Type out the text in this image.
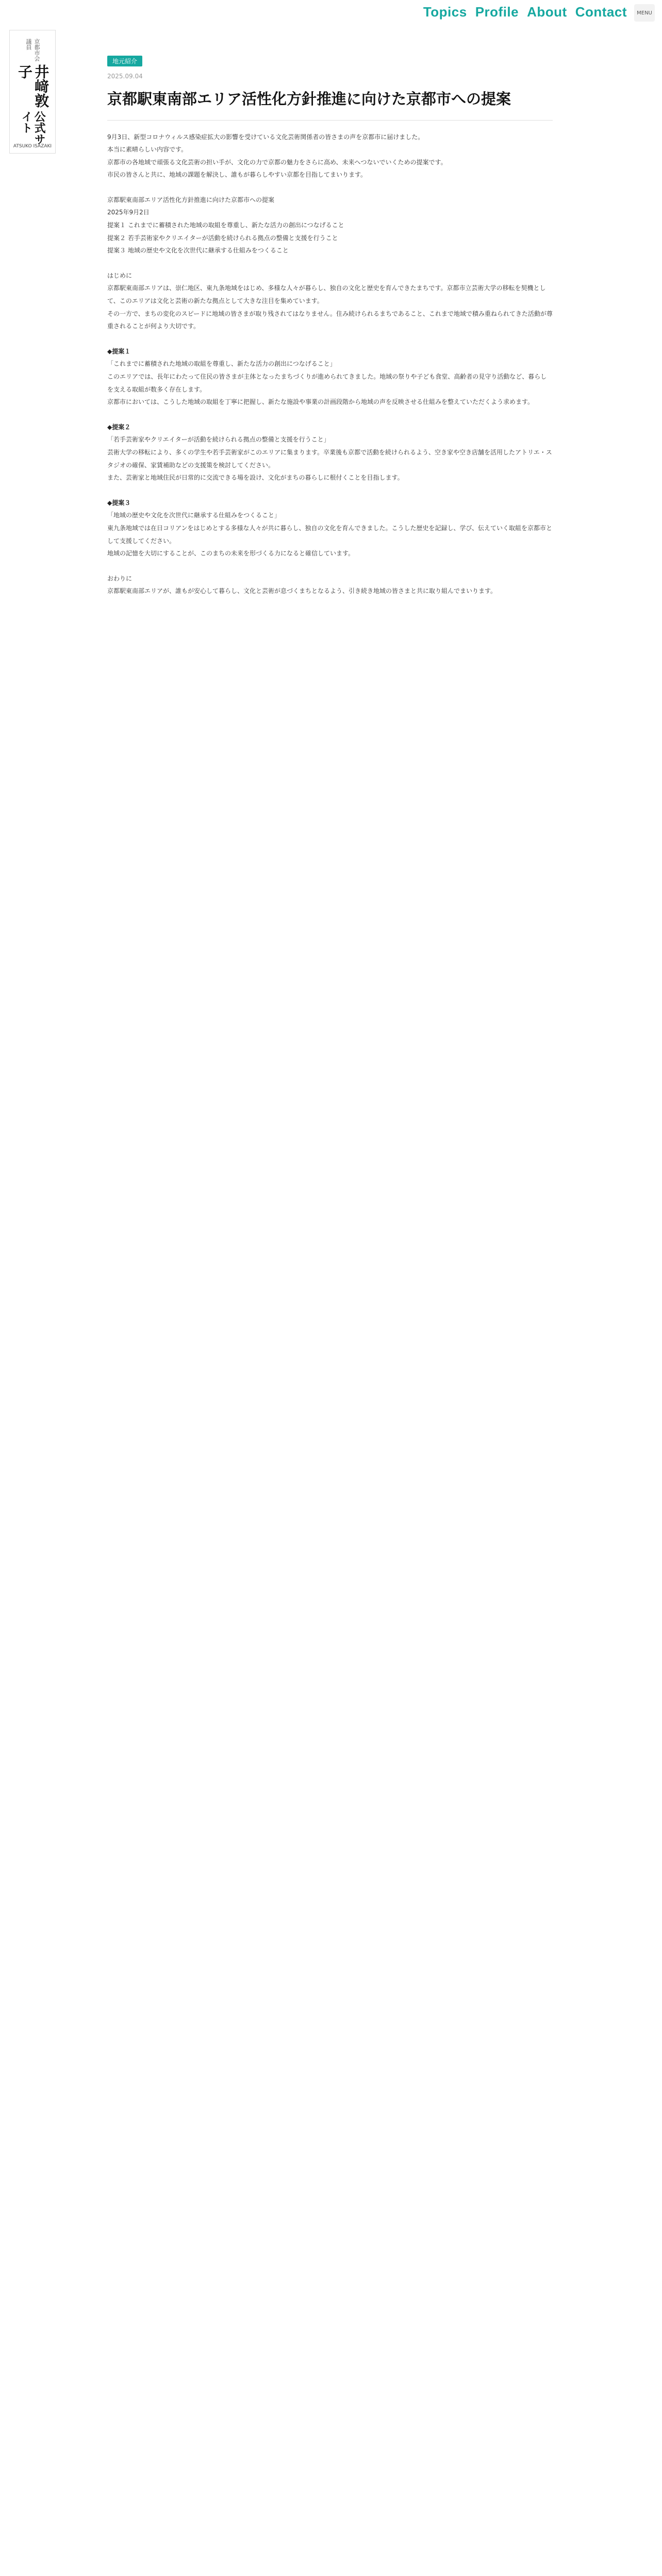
Topics Profile About Contact MENU
京都市会議員
井﨑敦子
公式サイト
ATSUKO ISAZAKI
地元紹介
2025.09.04
京都駅東南部エリア活性化方針推進に向けた京都市への提案

9月3日、新型コロナウィルス感染症拡大の影響を受けている文化芸術関係者の皆さまの声を京都市に届けました。

本当に素晴らしい内容です。

京都市の各地域で頑張る文化芸術の担い手が、文化の力で京都の魅力をさらに高め、未来へつないでいくための提案です。

市民の皆さんと共に、地域の課題を解決し、誰もが暮らしやすい京都を目指してまいります。

京都駅東南部エリア活性化方針推進に向けた京都市への提案

2025年9月2日

提案１ これまでに蓄積された地域の取組を尊重し、新たな活力の創出につなげること

提案２ 若手芸術家やクリエイターが活動を続けられる拠点の整備と支援を行うこと

提案３ 地域の歴史や文化を次世代に継承する仕組みをつくること

はじめに

京都駅東南部エリアは、崇仁地区、東九条地域をはじめ、多様な人々が暮らし、独自の文化と歴史を育んできたまちです。京都市立芸術大学の移転を契機として、このエリアは文化と芸術の新たな拠点として大きな注目を集めています。

その一方で、まちの変化のスピードに地域の皆さまが取り残されてはなりません。住み続けられるまちであること、これまで地域で積み重ねられてきた活動が尊重されることが何より大切です。

◆提案１

「これまでに蓄積された地域の取組を尊重し、新たな活力の創出につなげること」

このエリアでは、長年にわたって住民の皆さまが主体となったまちづくりが進められてきました。地域の祭りや子ども食堂、高齢者の見守り活動など、暮らしを支える取組が数多く存在します。

京都市においては、こうした地域の取組を丁寧に把握し、新たな施設や事業の計画段階から地域の声を反映させる仕組みを整えていただくよう求めます。

◆提案２

「若手芸術家やクリエイターが活動を続けられる拠点の整備と支援を行うこと」

芸術大学の移転により、多くの学生や若手芸術家がこのエリアに集まります。卒業後も京都で活動を続けられるよう、空き家や空き店舗を活用したアトリエ・スタジオの確保、家賃補助などの支援策を検討してください。

また、芸術家と地域住民が日常的に交流できる場を設け、文化がまちの暮らしに根付くことを目指します。

◆提案３

「地域の歴史や文化を次世代に継承する仕組みをつくること」

東九条地域では在日コリアンをはじめとする多様な人々が共に暮らし、独自の文化を育んできました。こうした歴史を記録し、学び、伝えていく取組を京都市として支援してください。

地域の記憶を大切にすることが、このまちの未来を形づくる力になると確信しています。

おわりに

京都駅東南部エリアが、誰もが安心して暮らし、文化と芸術が息づくまちとなるよう、引き続き地域の皆さまと共に取り組んでまいります。
